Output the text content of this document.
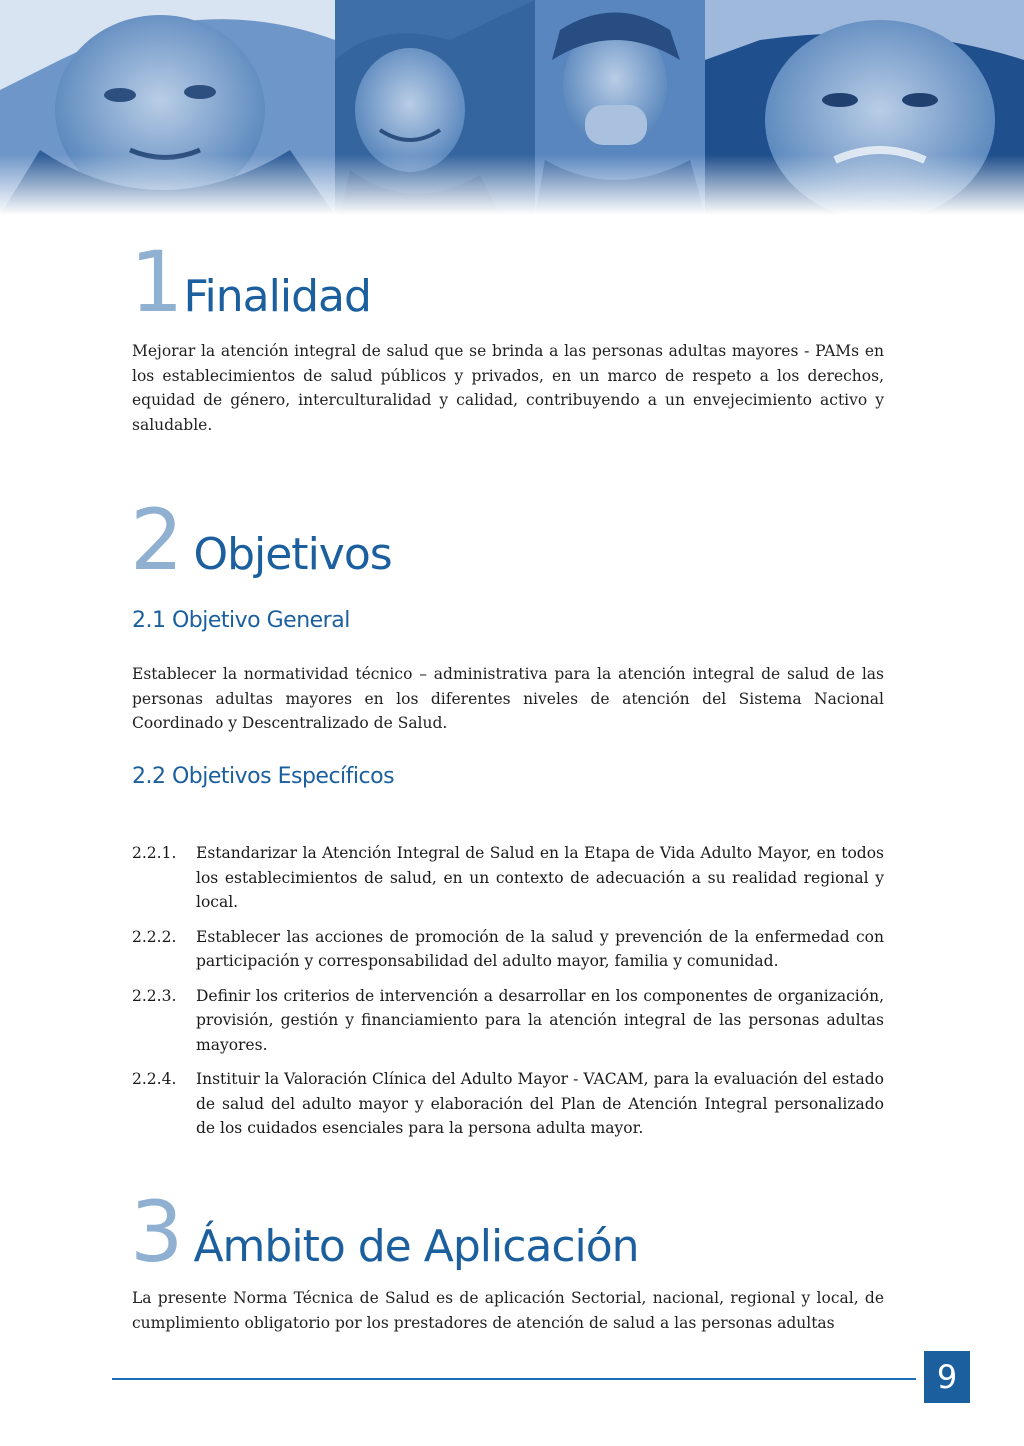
1Finalidad

Mejorar la atención integral de salud que se brinda a las personas adultas mayores - PAMs en los establecimientos de salud públicos y privados, en un marco de respeto a los derechos, equidad de género, interculturalidad y calidad, contribuyendo a un envejecimiento activo y saludable.

2 Objetivos
2.1 Objetivo General

Establecer la normatividad técnico – administrativa para la atención integral de salud de las personas adultas mayores en los diferentes niveles de atención del Sistema Nacional Coordinado y Descentralizado de Salud.

2.2 Objetivos Específicos
2.2.1.	Estandarizar la Atención Integral de Salud en la Etapa de Vida Adulto Mayor, en todos los establecimientos de salud, en un contexto de adecuación a su realidad regional y local.
2.2.2.	Establecer las acciones de promoción de la salud y prevención de la enfermedad con participación y corresponsabilidad del adulto mayor, familia y comunidad.
2.2.3.	Definir los criterios de intervención a desarrollar en los componentes de organización, provisión, gestión y financiamiento para la atención integral de las personas adultas mayores.
2.2.4.	Instituir la Valoración Clínica del Adulto Mayor - VACAM, para la evaluación del estado de salud del adulto mayor y elaboración del Plan de Atención Integral personalizado de los cuidados esenciales para la persona adulta mayor.
3 Ámbito de Aplicación

La presente Norma Técnica de Salud es de aplicación Sectorial, nacional, regional y local, de cumplimiento obligatorio por los prestadores de atención de salud a las personas adultas

9
